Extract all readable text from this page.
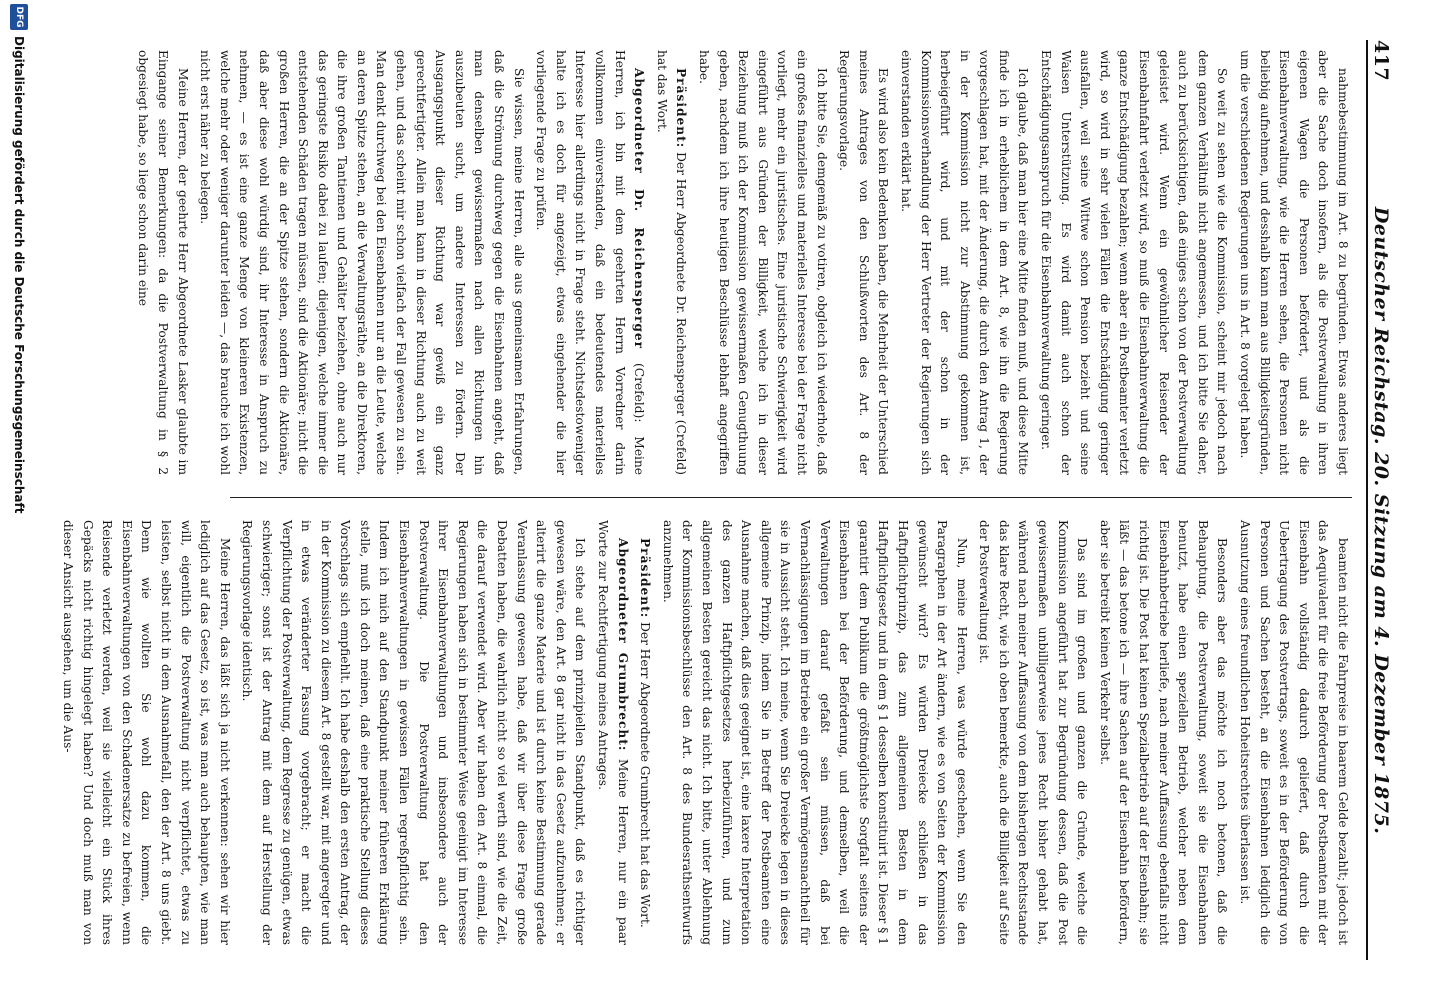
417
Deutscher Reichstag. 20. Sitzung am 4. Dezember 1875.

nahmebestimmung im Art. 8 zu begründen. Etwas anderes liegt aber die Sache doch insofern, als die Postverwaltung in ihren eigenen Wagen die Personen befördert, und als die Eisenbahnverwaltung, wie die Herren sehen, die Personen nicht beliebig aufnehmen, und desshalb kann man aus Billigkeitsgründen, um die verschiedenen Regierungen uns in Art. 8 vorgelegt haben.

So weit zu sehen wie die Kommission, scheint mir jedoch nach dem ganzen Verhältniß nicht angemessen, und ich bitte Sie daher, auch zu berücksichtigen, daß einiges schon von der Postverwaltung geleistet wird. Wenn ein gewöhnlicher Reisender der Eisenbahnfahrt verletzt wird, so muß die Eisenbahnverwaltung die ganze Entschädigung bezahlen; wenn aber ein Postbeamter verletzt wird, so wird in sehr vielen Fällen die Entschädigung geringer ausfallen, weil seine Wittwe schon Pension bezieht und seine Waisen Unterstützung. Es wird damit auch schon der Entschädigungsanspruch für die Eisenbahnverwaltung geringer.

Ich glaube, daß man hier eine Mitte finden muß, und diese Mitte finde ich in erheblichem in dem Art. 8, wie ihn die Regierung vorgeschlagen hat, mit der Änderung, die durch den Antrag 1, der in der Kommission nicht zur Abstimmung gekommen ist, herbeigeführt wird, und mit der schon in der Kommissionsverhandlung der Herr Vertreter der Regierungen sich einverstanden erklärt hat.

Es wird also kein Bedenken haben, die Mehrheit der Unterschied meines Antrages von den Schlußworten des Art. 8 der Regierungsvorlage.

Ich bitte Sie, demgemäß zu votiren, obgleich ich wiederhole, daß ein großes finanzielles und materielles Interesse bei der Frage nicht vorliegt, mehr ein juristisches. Eine juristische Schwierigkeit wird eingeführt aus Gründen der Billigkeit, welche ich in dieser Beziehung muß ich der Kommission gewissermaßen Genugthuung geben, nachdem ich ihre heutigen Beschlüsse lebhaft angegriffen habe.

Präsident: Der Herr Abgeordnete Dr. Reichensperger (Crefeld) hat das Wort.

Abgeordneter Dr. Reichensperger (Crefeld): Meine Herren, ich bin mit dem geehrten Herrn Vorredner darin vollkommen einverstanden, daß ein bedeutendes materielles Interesse hier allerdings nicht in Frage steht. Nichtsdestoweniger halte ich es doch für angezeigt, etwas eingehender die hier vorliegende Frage zu prüfen.

Sie wissen, meine Herren, alle aus gemeinsamen Erfahrungen, daß die Strömung durchweg gegen die Eisenbahnen angeht, daß man denselben gewissermaßen nach allen Richtungen hin auszubeuten sucht, um andere Interessen zu fördern. Der Ausgangspunkt dieser Richtung war gewiß ein ganz gerechtfertigter. Allein man kann in dieser Richtung auch zu weit gehen, und das scheint mir schon vielfach der Fall gewesen zu sein. Man denkt durchweg bei den Eisenbahnen nur an die Leute, welche an deren Spitze stehen, an die Verwaltungsräthe, an die Direktoren, die ihre großen Tantiemen und Gehälter beziehen, ohne auch nur das geringste Risiko dabei zu laufen; diejenigen, welche immer die entstehenden Schäden tragen müssen, sind die Aktionäre; nicht die großen Herren, die an der Spitze stehen, sondern die Aktionäre, daß aber diese wohl würdig sind, ihr Interesse in Anspruch zu nehmen, — es ist eine ganze Menge von kleineren Existenzen, welche mehr oder weniger darunter leiden —, das brauche ich wohl nicht erst näher zu belegen.

Meine Herren, der geehrte Herr Abgeordnete Lasker glaubte im Eingange seiner Bemerkungen: da die Postverwaltung in § 2 obgesiegt habe, so liege schon darin eine

beamten nicht die Fahrpreise in baarem Gelde bezahlt; jedoch ist das Aequivalent für die freie Beförderung der Postbeamten mit der Eisenbahn vollständig dadurch geliefert, daß durch die Uebertragung des Postvertrags, soweit es in der Beförderung von Personen und Sachen besteht, an die Eisenbahnen lediglich die Ausnutzung eines freundlichen Hoheitsrechtes überlassen ist.

Besonders aber das möchte ich noch betonen, daß die Behauptung, die Postverwaltung, soweit sie die Eisenbahnen benutzt, habe einen speziellen Betrieb, welcher neben dem Eisenbahnbetriebe herliefe, nach meiner Auffassung ebenfalls nicht richtig ist. Die Post hat keinen Spezialbetrieb auf der Eisenbahn; sie läßt — das betone ich — ihre Sachen auf der Eisenbahn befördern, aber sie betreibt keinen Verkehr selbst.

Das sind im großen und ganzen die Gründe, welche die Kommission angeführt hat zur Begründung dessen, daß die Post gewissermaßen unbilligerweise jenes Recht bisher gehabt hat, während nach meiner Auffassung von dem bisherigen Rechtsstande das klare Recht, wie ich oben bemerkte, auch die Billigkeit auf Seite der Postverwaltung ist.

Nun, meine Herren, was würde geschehen, wenn Sie den Paragraphen in der Art ändern, wie es von Seiten der Kommission gewünscht wird? Es würden Dreiecke schließen in das Haftpflichtprinzip, das zum allgemeinen Besten in dem Haftpflichtgesetz und in dem § 1 desselben konstituirt ist. Dieser § 1 garantirt dem Publikum die größtmöglichste Sorgfalt seitens der Eisenbahnen bei der Beförderung, und demselben, weil die Verwaltungen darauf gefaßt sein müssen, daß bei Vernachlässigungen im Betriebe ein großer Vermögensnachtheil für sie in Aussicht steht. Ich meine, wenn Sie Dreiecke legen in dieses allgemeine Prinzip, indem Sie in Betreff der Postbeamten eine Ausnahme machen, daß dies geeignet ist, eine laxere Interpretation des ganzen Haftpflichtgesetzes herbeizuführen, und zum allgemeinen Besten gereicht das nicht. Ich bitte, unter Ablehnung der Kommissionsbeschlüsse den Art. 8 des Bundesrathsentwurfs anzunehmen.

Präsident: Der Herr Abgeordnete Grumbrecht hat das Wort.

Abgeordneter Grumbrecht: Meine Herren, nur ein paar Worte zur Rechtfertigung meines Antrages.

Ich stehe auf dem prinzipiellen Standpunkt, daß es richtiger gewesen wäre, den Art. 8 gar nicht in das Gesetz aufzunehmen; er alterirt die ganze Materie und ist durch keine Bestimmung gerade Veranlassung gewesen habe, daß wir über diese Frage große Debatten haben, die wahrlich nicht so viel werth sind, wie die Zeit, die darauf verwendet wird. Aber wir haben den Art. 8 einmal, die Regierungen haben sich in bestimmter Weise geeinigt im Interesse ihrer Eisenbahnverwaltungen und insbesondere auch der Postverwaltung. Die Postverwaltung hat den Eisenbahnverwaltungen in gewissen Fällen regreßpflichtig sein. Indem ich mich auf den Standpunkt meiner früheren Erklärung stelle, muß ich doch meinen, daß eine praktische Stellung dieses Vorschlags sich empfiehlt. Ich habe deshalb den ersten Antrag, der in der Kommission zu diesem Art. 8 gestellt war, mit angeregter und in etwas veränderter Fassung vorgebracht; er macht die Verpflichtung der Postverwaltung, dem Regresse zu genügen, etwas schwieriger; sonst ist der Antrag mit dem auf Herstellung der Regierungsvorlage identisch.

Meine Herren, das läßt sich ja nicht verkennen: sehen wir hier lediglich auf das Gesetz, so ist, was man auch behaupten, wie man will, eigentlich die Postverwaltung nicht verpflichtet, etwas zu leisten, selbst nicht in dem Ausnahmefall, den der Art. 8 uns giebt. Denn wie wollten Sie wohl dazu kommen, die Eisenbahnverwaltungen von den Schadenersatze zu befreien, wenn Reisende verletzt werden, weil sie vielleicht ein Stück ihres Gepäcks nicht richtig hingelegt haben? Und doch muß man von dieser Ansicht ausgehen, um die Aus-

DFG
Digitalisierung gefördert durch die Deutsche Forschungsgemeinschaft
